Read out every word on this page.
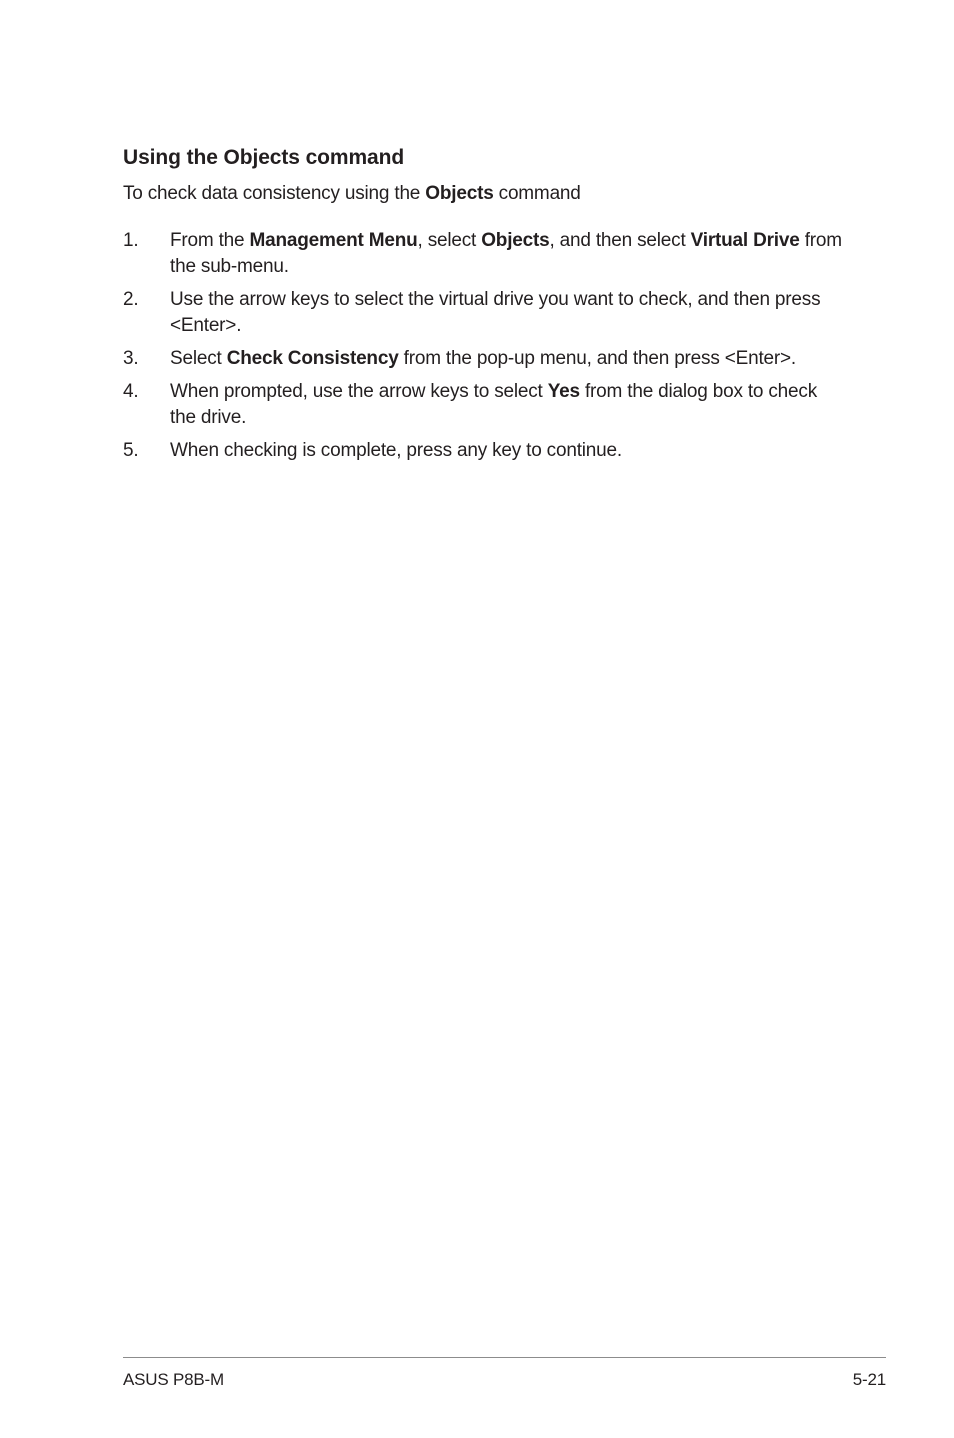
Using the Objects command

To check data consistency using the Objects command

1. From the Management Menu, select Objects, and then select Virtual Drive from the sub-menu.
2. Use the arrow keys to select the virtual drive you want to check, and then press <Enter>.
3. Select Check Consistency from the pop-up menu, and then press <Enter>.
4. When prompted, use the arrow keys to select Yes from the dialog box to check the drive.
5. When checking is complete, press any key to continue.
ASUS P8B-M	5-21
